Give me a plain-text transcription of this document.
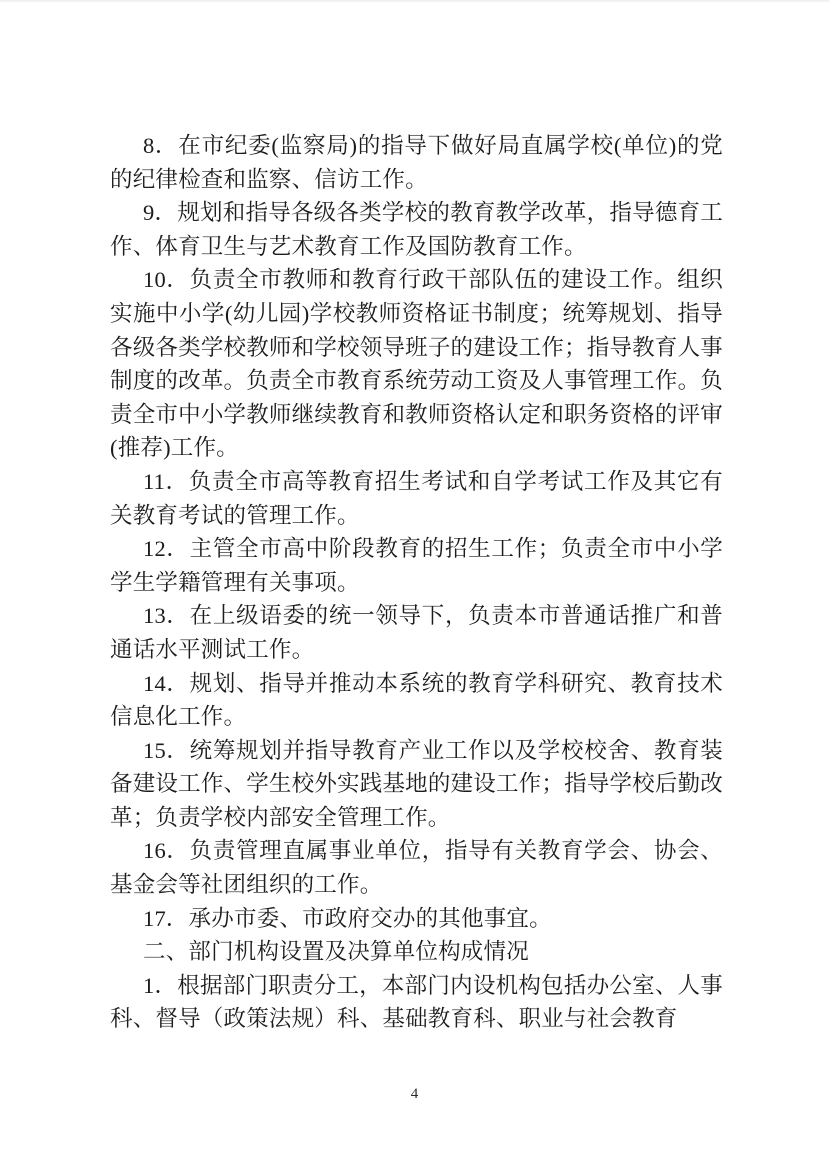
8．在市纪委(监察局)的指导下做好局直属学校(单位)的党的纪律检查和监察、信访工作。

9．规划和指导各级各类学校的教育教学改革，指导德育工作、体育卫生与艺术教育工作及国防教育工作。

10．负责全市教师和教育行政干部队伍的建设工作。组织实施中小学(幼儿园)学校教师资格证书制度；统筹规划、指导各级各类学校教师和学校领导班子的建设工作；指导教育人事制度的改革。负责全市教育系统劳动工资及人事管理工作。负责全市中小学教师继续教育和教师资格认定和职务资格的评审(推荐)工作。

11．负责全市高等教育招生考试和自学考试工作及其它有关教育考试的管理工作。

12．主管全市高中阶段教育的招生工作；负责全市中小学学生学籍管理有关事项。

13．在上级语委的统一领导下，负责本市普通话推广和普通话水平测试工作。

14．规划、指导并推动本系统的教育学科研究、教育技术信息化工作。

15．统筹规划并指导教育产业工作以及学校校舍、教育装备建设工作、学生校外实践基地的建设工作；指导学校后勤改革；负责学校内部安全管理工作。

16．负责管理直属事业单位，指导有关教育学会、协会、基金会等社团组织的工作。

17．承办市委、市政府交办的其他事宜。

二、部门机构设置及决算单位构成情况

1．根据部门职责分工，本部门内设机构包括办公室、人事科、督导（政策法规）科、基础教育科、职业与社会教育

4
